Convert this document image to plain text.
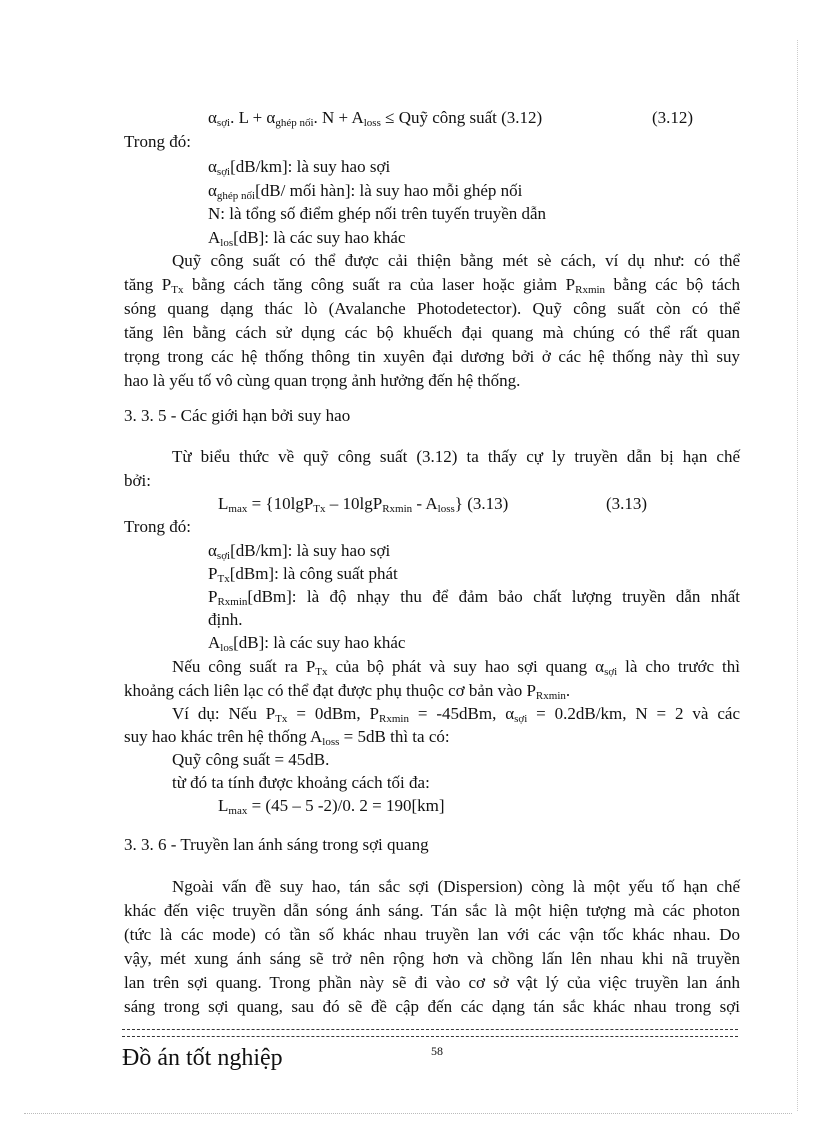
$\alpha_{sợi}$. $L + \alpha_{ghép nối}$. $N + A_{loss}$ ≤ Quỹ công suất (3.12)	(3.12)
Trong đó:
$\alpha_{sợi}[dB/km]$: là suy hao sợi
$\alpha_{ghép nối}[dB/$ mối hàn]: là suy hao mỗi ghép nối
N: là tổng số điểm ghép nối trên tuyến truyền dẫn
$A_{los}[dB]$: là các suy hao khác
Quỹ công suất có thể được cải thiện bằng mét sè cách, ví dụ như: có thể
tăng $P_{Tx}$ bằng cách tăng công suất ra của laser hoặc giảm $P_{Rxmin}$ bằng các bộ tách
sóng quang dạng thác lò (Avalanche Photodetector). Quỹ công suất còn có thể
tăng lên bằng cách sử dụng các bộ khuếch đại quang mà chúng có thể rất quan
trọng trong các hệ thống thông tin xuyên đại dương bởi ở các hệ thống này thì suy
hao là yếu tố vô cùng quan trọng ảnh hưởng đến hệ thống.
3. 3. 5 - Các giới hạn bởi suy hao
Từ biểu thức về quỹ công suất (3.12) ta thấy cự ly truyền dẫn bị hạn chế
bởi:
$L_{max} = \{10\lg P_{Tx} - 10\lg P_{Rxmin} - A_{loss}\}$ (3.13)	(3.13)
Trong đó:
$\alpha_{sợi}[dB/km]$: là suy hao sợi
$P_{Tx}[dBm]$: là công suất phát
$P_{Rxmin}[dBm]$: là độ nhạy thu để đảm bảo chất lượng truyền dẫn nhất
định.
$A_{los}[dB]$: là các suy hao khác
Nếu công suất ra $P_{Tx}$ của bộ phát và suy hao sợi quang $\alpha_{sợi}$ là cho trước thì
khoảng cách liên lạc có thể đạt được phụ thuộc cơ bản vào $P_{Rxmin}$.
Ví dụ: Nếu $P_{Tx} = 0dBm$, $P_{Rxmin} = -45dBm$, $\alpha_{sợi} = 0.2dB/km$, N = 2 và các
suy hao khác trên hệ thống $A_{loss} = 5dB$ thì ta có:
Quỹ công suất = 45dB.
từ đó ta tính được khoảng cách tối đa:
$L_{max} = (45 - 5$ -2)/0. 2 = 190[km]
3. 3. 6 - Truyền lan ánh sáng trong sợi quang
Ngoài vấn đề suy hao, tán sắc sợi (Dispersion) còng là một yếu tố hạn chế
khác đến việc truyền dẫn sóng ánh sáng. Tán sắc là một hiện tượng mà các photon
(tức là các mode) có tần số khác nhau truyền lan với các vận tốc khác nhau. Do
vậy, mét xung ánh sáng sẽ trở nên rộng hơn và chồng lấn lên nhau khi nã truyền
lan trên sợi quang. Trong phần này sẽ đi vào cơ sở vật lý của việc truyền lan ánh
sáng trong sợi quang, sau đó sẽ đề cập đến các dạng tán sắc khác nhau trong sợi
Đồ án tốt nghiệp	58
